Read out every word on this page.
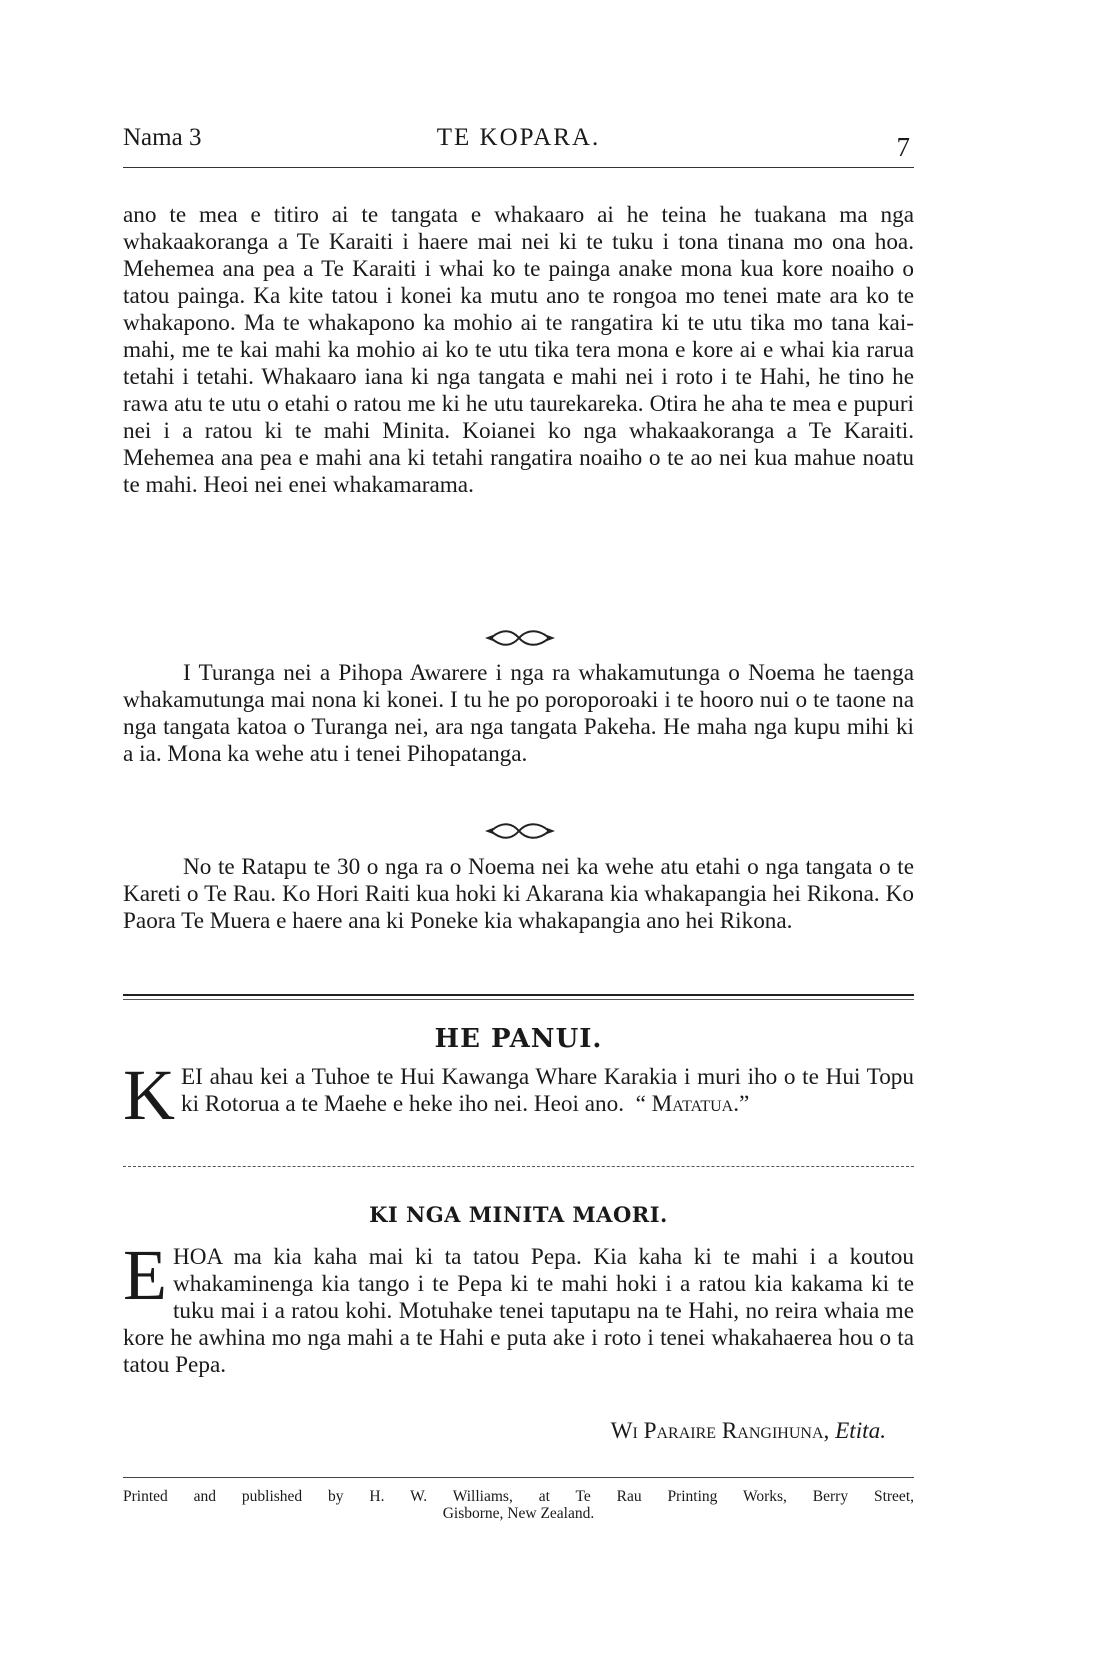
Nama 3	TE KOPARA.	7

ano te mea e titiro ai te tangata e whakaaro ai he teina he tuakana ma nga whakaakoranga a Te Karaiti i haere mai nei ki te tuku i tona tinana mo ona hoa. Mehemea ana pea a Te Karaiti i whai ko te painga anake mona kua kore noaiho o tatou painga. Ka kite tatou i konei ka mutu ano te rongoa mo tenei mate ara ko te whakapono. Ma te whakapono ka mohio ai te rangatira ki te utu tika mo tana kai-mahi, me te kai mahi ka mohio ai ko te utu tika tera mona e kore ai e whai kia rarua tetahi i tetahi. Whakaaro iana ki nga tangata e mahi nei i roto i te Hahi, he tino he rawa atu te utu o etahi o ratou me ki he utu taurekareka. Otira he aha te mea e pupuri nei i a ratou ki te mahi Minita. Koianei ko nga whakaakoranga a Te Karaiti. Mehemea ana pea e mahi ana ki tetahi rangatira noaiho o te ao nei kua mahue noatu te mahi. Heoi nei enei whakamarama.

I Turanga nei a Pihopa Awarere i nga ra whakamutunga o Noema he taenga whakamutunga mai nona ki konei. I tu he po poroporoaki i te hooro nui o te taone na nga tangata katoa o Turanga nei, ara nga tangata Pakeha. He maha nga kupu mihi ki a ia. Mona ka wehe atu i tenei Pihopatanga.

No te Ratapu te 30 o nga ra o Noema nei ka wehe atu etahi o nga tangata o te Kareti o Te Rau. Ko Hori Raiti kua hoki ki Akarana kia whakapangia hei Rikona. Ko Paora Te Muera e haere ana ki Poneke kia whakapangia ano hei Rikona.

HE PANUI.
KEI ahau kei a Tuhoe te Hui Kawanga Whare Karakia i muri iho o te Hui Topu ki Rotorua a te Maehe e heke iho nei. Heoi ano. “ Matatua.”
KI NGA MINITA MAORI.
EHOA ma kia kaha mai ki ta tatou Pepa. Kia kaha ki te mahi i a koutou whakaminenga kia tango i te Pepa ki te mahi hoki i a ratou kia kakama ki te tuku mai i a ratou kohi. Motuhake tenei taputapu na te Hahi, no reira whaia me kore he awhina mo nga mahi a te Hahi e puta ake i roto i tenei whakahaerea hou o ta tatou Pepa.
Wi Paraire Rangihuna, Etita.
Printed and published by H. W. Williams, at Te Rau Printing Works, Berry Street,
Gisborne, New Zealand.
